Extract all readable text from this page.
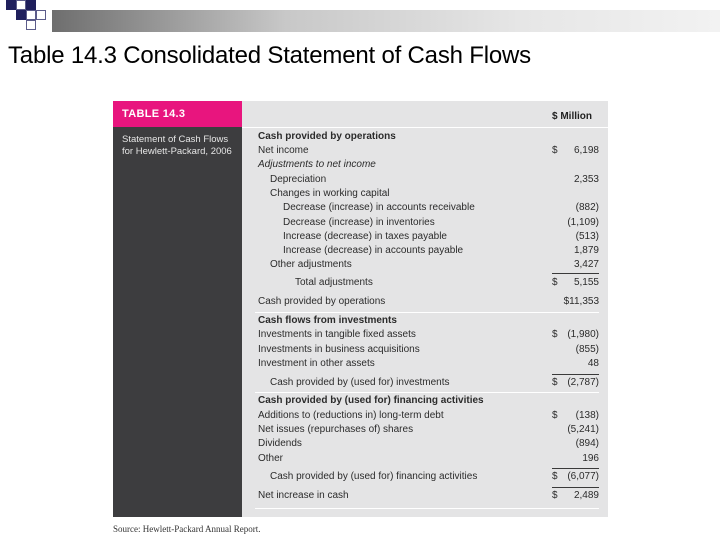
Table 14.3 Consolidated Statement of Cash Flows
TABLE 14.3
Statement of Cash Flows for Hewlett-Packard, 2006
$ Million
Cash provided by operations
Net income	$ 6,198
Adjustments to net income
Depreciation	2,353
Changes in working capital
Decrease (increase) in accounts receivable	(882)
Decrease (increase) in inventories	(1,109)
Increase (decrease) in taxes payable	(513)
Increase (decrease) in accounts payable	1,879
Other adjustments	3,427
Total adjustments	$ 5,155
Cash provided by operations	$11,353
Cash flows from investments
Investments in tangible fixed assets	$ (1,980)
Investments in business acquisitions	(855)
Investment in other assets	48
Cash provided by (used for) investments	$ (2,787)
Cash provided by (used for) financing activities
Additions to (reductions in) long-term debt	$ (138)
Net issues (repurchases of) shares	(5,241)
Dividends	(894)
Other	196
Cash provided by (used for) financing activities	$ (6,077)
Net increase in cash	$ 2,489
Source: Hewlett-Packard Annual Report.
